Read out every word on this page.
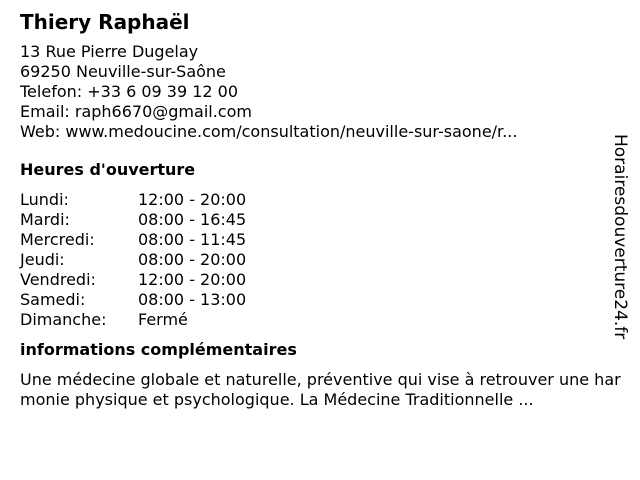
Thiery Raphaël
13 Rue Pierre Dugelay
69250 Neuville-sur-Saône
Telefon: +33 6 09 39 12 00
Email: raph6670@gmail.com
Web: www.medoucine.com/consultation/neuville-sur-saone/r...
Heures d'ouverture
Lundi:	12:00 - 20:00
Mardi:	08:00 - 16:45
Mercredi:	08:00 - 11:45
Jeudi:	08:00 - 20:00
Vendredi:	12:00 - 20:00
Samedi:	08:00 - 13:00
Dimanche:	Fermé
informations complémentaires
Une médecine globale et naturelle, préventive qui vise à retrouver une harmonie physique et psychologique. La Médecine Traditionnelle ...
Horairesdouverture24.fr
